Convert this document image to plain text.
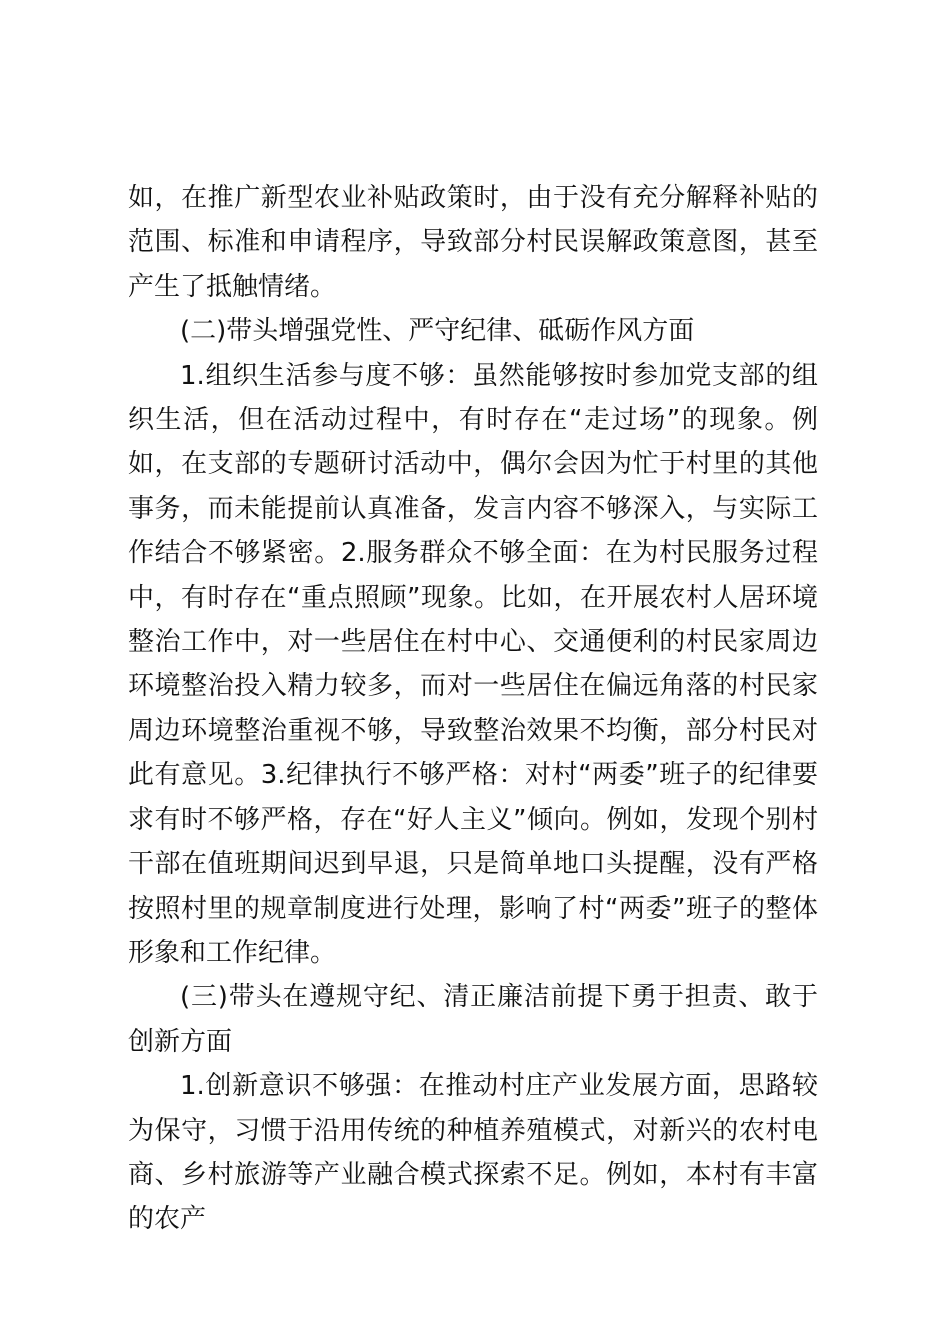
如，在推广新型农业补贴政策时，由于没有充分解释补贴的范围、标准和申请程序，导致部分村民误解政策意图，甚至产生了抵触情绪。

(二)带头增强党性、严守纪律、砥砺作风方面

1.组织生活参与度不够：虽然能够按时参加党支部的组织生活，但在活动过程中，有时存在“走过场”的现象。例如，在支部的专题研讨活动中，偶尔会因为忙于村里的其他事务，而未能提前认真准备，发言内容不够深入，与实际工作结合不够紧密。2.服务群众不够全面：在为村民服务过程中，有时存在“重点照顾”现象。比如，在开展农村人居环境整治工作中，对一些居住在村中心、交通便利的村民家周边环境整治投入精力较多，而对一些居住在偏远角落的村民家周边环境整治重视不够，导致整治效果不均衡，部分村民对此有意见。3.纪律执行不够严格：对村“两委”班子的纪律要求有时不够严格，存在“好人主义”倾向。例如，发现个别村干部在值班期间迟到早退，只是简单地口头提醒，没有严格按照村里的规章制度进行处理，影响了村“两委”班子的整体形象和工作纪律。

(三)带头在遵规守纪、清正廉洁前提下勇于担责、敢于创新方面

1.创新意识不够强：在推动村庄产业发展方面，思路较为保守，习惯于沿用传统的种植养殖模式，对新兴的农村电商、乡村旅游等产业融合模式探索不足。例如，本村有丰富的农产
